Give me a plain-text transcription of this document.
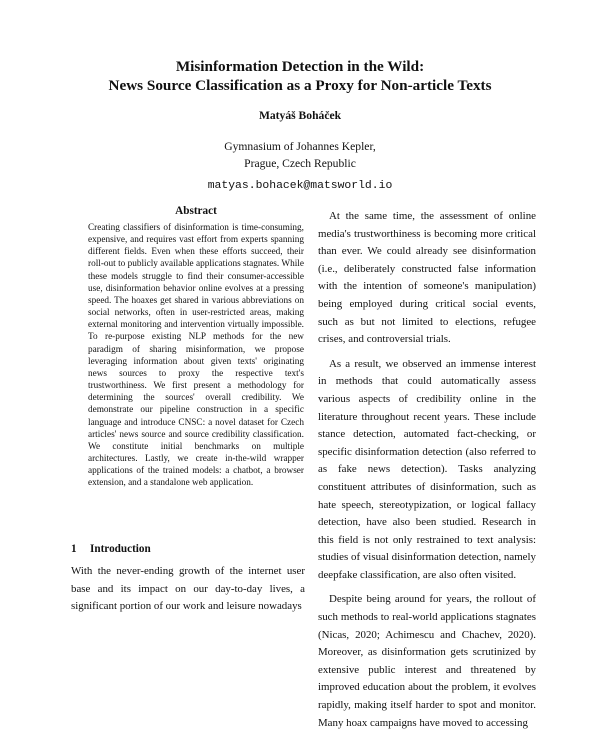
Misinformation Detection in the Wild:
News Source Classification as a Proxy for Non-article Texts
Matyáš Boháček
Gymnasium of Johannes Kepler,
Prague, Czech Republic
matyas.bohacek@matsworld.io
Abstract

Creating classifiers of disinformation is time-consuming, expensive, and requires vast effort from experts spanning different fields. Even when these efforts succeed, their roll-out to publicly available applications stagnates. While these models struggle to find their consumer-accessible use, disinformation behavior online evolves at a pressing speed. The hoaxes get shared in various abbreviations on social networks, often in user-restricted areas, making external monitoring and intervention virtually impossible. To re-purpose existing NLP methods for the new paradigm of sharing misinformation, we propose leveraging information about given texts' originating news sources to proxy the respective text's trustworthiness. We first present a methodology for determining the sources' overall credibility. We demonstrate our pipeline construction in a specific language and introduce CNSC: a novel dataset for Czech articles' news source and source credibility classification. We constitute initial benchmarks on multiple architectures. Lastly, we create in-the-wild wrapper applications of the trained models: a chatbot, a browser extension, and a standalone web application.

1 Introduction

With the never-ending growth of the internet user base and its impact on our day-to-day lives, a significant portion of our work and leisure nowadays

At the same time, the assessment of online media's trustworthiness is becoming more critical than ever. We could already see disinformation (i.e., deliberately constructed false information with the intention of someone's manipulation) being employed during critical social events, such as but not limited to elections, refugee crises, and controversial trials.

As a result, we observed an immense interest in methods that could automatically assess various aspects of credibility online in the literature throughout recent years. These include stance detection, automated fact-checking, or specific disinformation detection (also referred to as fake news detection). Tasks analyzing constituent attributes of disinformation, such as hate speech, stereotypization, or logical fallacy detection, have also been studied. Research in this field is not only restrained to text analysis: studies of visual disinformation detection, namely deepfake classification, are also often visited.

Despite being around for years, the rollout of such methods to real-world applications stagnates (Nicas, 2020; Achimescu and Chachev, 2020). Moreover, as disinformation gets scrutinized by extensive public interest and threatened by improved education about the problem, it evolves rapidly, making itself harder to spot and monitor. Many hoax campaigns have moved to accessing
